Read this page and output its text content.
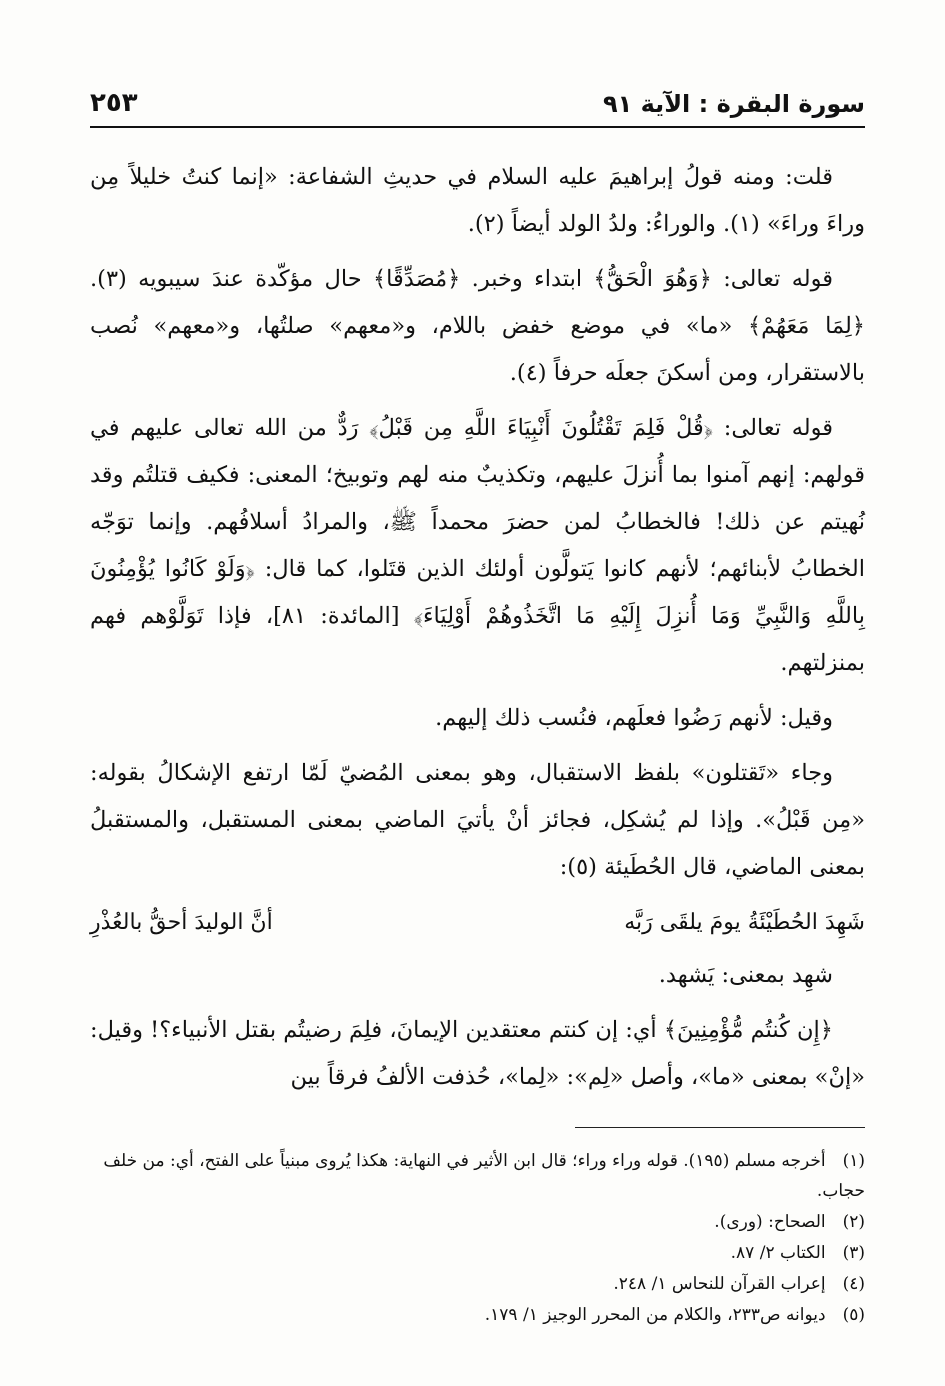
سورة البقرة : الآية ٩١
٢٥٣

قلت: ومنه قولُ إبراهيمَ عليه السلام في حديثِ الشفاعة: «إنما كنتُ خليلاً مِن وراءَ وراءَ» (١). والوراءُ: ولدُ الولد أيضاً (٢).

قوله تعالى: ﴿وَهُوَ الْحَقُّ﴾ ابتداء وخبر. ﴿مُصَدِّقًا﴾ حال مؤكّدة عندَ سيبويه (٣). ﴿لِمَا مَعَهُمْ﴾ «ما» في موضع خفض باللام، و«معهم» صلتُها، و«معهم» نُصب بالاستقرار، ومن أسكنَ جعلَه حرفاً (٤).

قوله تعالى: ﴿قُلْ فَلِمَ تَقْتُلُونَ أَنْبِيَاءَ اللَّهِ مِن قَبْلُ﴾ رَدٌّ من الله تعالى عليهم في قولهم: إنهم آمنوا بما أُنزلَ عليهم، وتكذيبٌ منه لهم وتوبيخ؛ المعنى: فكيف قتلتُم وقد نُهيتم عن ذلك! فالخطابُ لمن حضرَ محمداً ﷺ، والمرادُ أسلافُهم. وإنما توَجّه الخطابُ لأبنائهم؛ لأنهم كانوا يَتولَّون أولئك الذين قتَلوا، كما قال: ﴿وَلَوْ كَانُوا يُؤْمِنُونَ بِاللَّهِ وَالنَّبِيِّ وَمَا أُنزِلَ إِلَيْهِ مَا اتَّخَذُوهُمْ أَوْلِيَاءَ﴾ [المائدة: ٨١]، فإذا تَوَلَّوْهم فهم بمنزلتهم.

وقيل: لأنهم رَضُوا فعلَهم، فنُسب ذلك إليهم.

وجاء «تَقتلون» بلفظ الاستقبال، وهو بمعنى المُضيّ لَمّا ارتفع الإشكالُ بقوله: «مِن قَبْلُ». وإذا لم يُشكِل، فجائز أنْ يأتيَ الماضي بمعنى المستقبل، والمستقبلُ بمعنى الماضي، قال الحُطَيئة (٥):

شَهِدَ الحُطَيْئَةُ يومَ يلقَى رَبَّه
أنَّ الوليدَ أحقُّ بالعُذْرِ

شهِد بمعنى: يَشهد.

﴿إِن كُنتُم مُّؤْمِنِينَ﴾ أي: إن كنتم معتقدين الإيمانَ، فلِمَ رضيتُم بقتل الأنبياء؟! وقيل: «إنْ» بمعنى «ما»، وأصل «لِم»: «لِما»، حُذفت الألفُ فرقاً بين

(١) أخرجه مسلم (١٩٥). قوله وراء وراء؛ قال ابن الأثير في النهاية: هكذا يُروى مبنياً على الفتح، أي: من خلف حجاب.
(٢) الصحاح: (ورى).
(٣) الكتاب ٢/ ٨٧.
(٤) إعراب القرآن للنحاس ١/ ٢٤٨.
(٥) ديوانه ص٢٣٣، والكلام من المحرر الوجيز ١/ ١٧٩.
